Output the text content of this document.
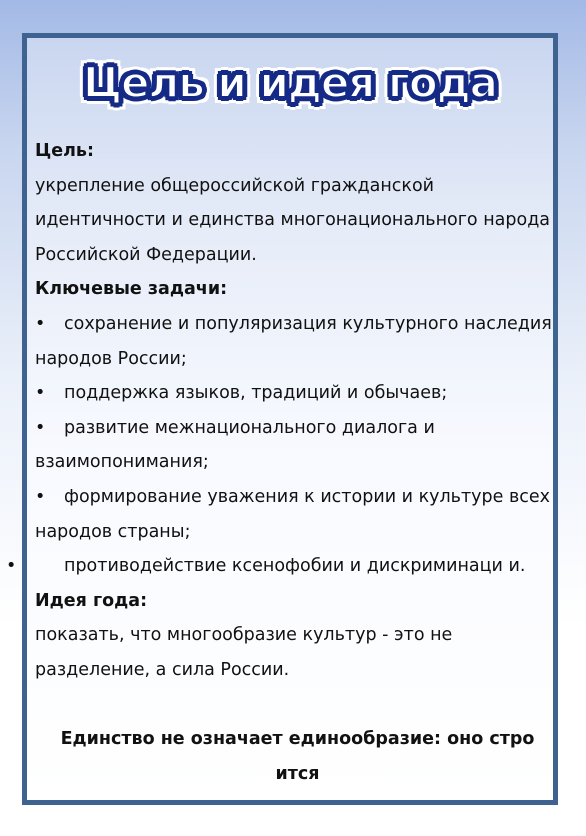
Цель и идея года

Цель:

укрепление общероссийской гражданской идентичности и единства многонационального народа Российской Федерации.

Ключевые задачи:

• сохранение и популяризация культурного наследия народов России;
• поддержка языков, традиций и обычаев;
• развитие межнационального диалога и взаимопонимания;
• формирование уважения к истории и культуре всех народов страны;
•	противодействие ксенофобии и дискриминаци и.

Идея года:

показать, что многообразие культур - это не разделение, а сила России.

Единство не означает единообразие: оно стро
ится
